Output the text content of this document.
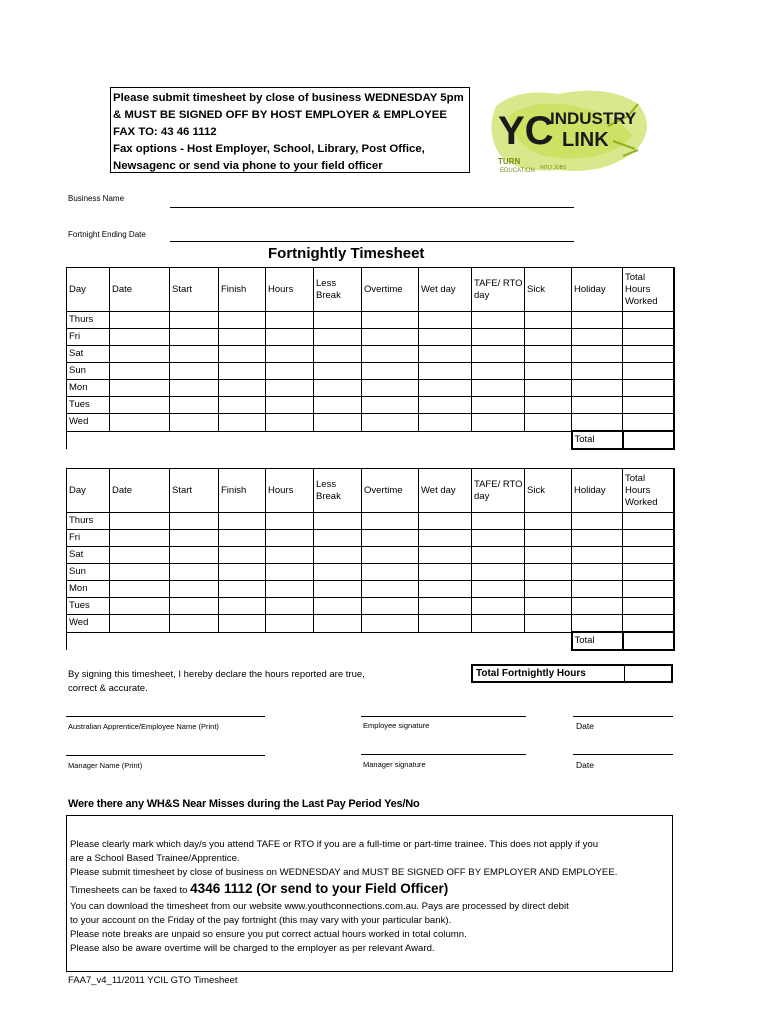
Please submit timesheet by close of business WEDNESDAY 5pm
& MUST BE SIGNED OFF BY HOST EMPLOYER & EMPLOYEE
FAX TO: 43 46 1112
Fax options - Host Employer, School, Library, Post Office,
Newsagenc or send via phone to your field officer
YC
INDUSTRY
LINK
TURN
EDUCATION INTO JOBS
Business Name
Fortnight Ending Date
Fortnightly Timesheet
Day	Date	Start	Finish	Hours	Less Break	Overtime	Wet day	TAFE/ RTO day	Sick	Holiday	Total Hours Worked
Thurs											
Fri											
Sat											
Sun											
Mon											
Tues											
Wed											
										Total	
Day	Date	Start	Finish	Hours	Less Break	Overtime	Wet day	TAFE/ RTO day	Sick	Holiday	Total Hours Worked
Thurs											
Fri											
Sat											
Sun											
Mon											
Tues											
Wed											
										Total	
By signing this timesheet, I hereby declare the hours reported are true,
correct & accurate.
Total Fortnightly Hours
Australian Apprentice/Employee Name (Print)	Employee signature	Date
Manager Name (Print)	Manager signature	Date
Were there any WH&S Near Misses during the Last Pay Period Yes/No
Please clearly mark which day/s you attend TAFE or RTO if you are a full-time or part-time trainee. This does not apply if you
are a School Based Trainee/Apprentice.
Please submit timesheet by close of business on WEDNESDAY and MUST BE SIGNED OFF BY EMPLOYER AND EMPLOYEE.
Timesheets can be faxed to 4346 1112 (Or send to your Field Officer)
You can download the timesheet from our website www.youthconnections.com.au. Pays are processed by direct debit
to your account on the Friday of the pay fortnight (this may vary with your particular bank).
Please note breaks are unpaid so ensure you put correct actual hours worked in total column.
Please also be aware overtime will be charged to the employer as per relevant Award.
FAA7_v4_11/2011 YCIL GTO Timesheet
